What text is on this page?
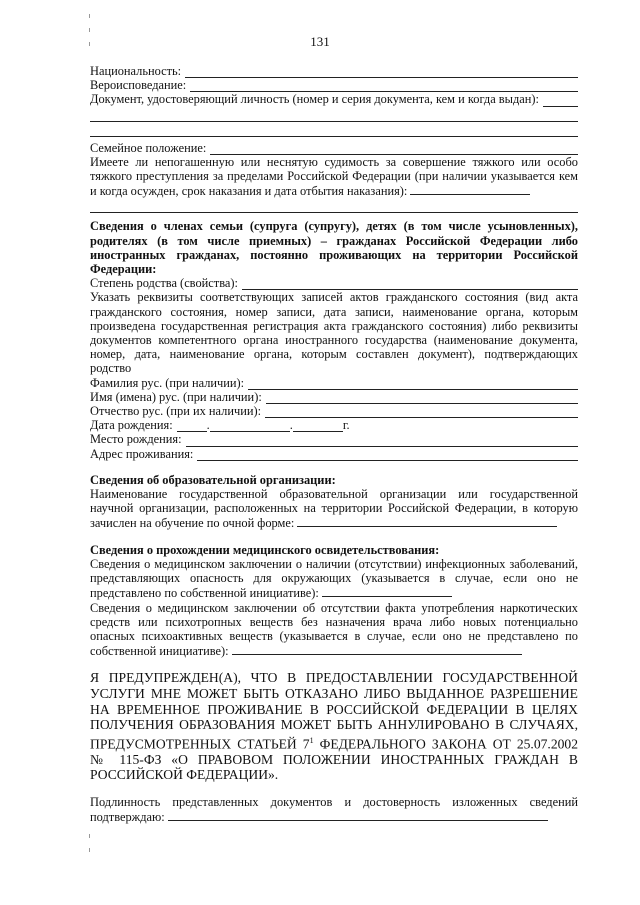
131
Национальность:
Вероисповедание:
Документ, удостоверяющий личность (номер и серия документа, кем и когда выдан):
Семейное положение:
Имеете ли непогашенную или неснятую судимость за совершение тяжкого или особо тяжкого преступления за пределами Российской Федерации (при наличии указывается кем и когда осужден, срок наказания и дата отбытия наказания):
Сведения о членах семьи (супруга (супругу), детях (в том числе усыновленных), родителях (в том числе приемных) – гражданах Российской Федерации либо иностранных гражданах, постоянно проживающих на территории Российской Федерации:
Степень родства (свойства):
Указать реквизиты соответствующих записей актов гражданского состояния (вид акта гражданского состояния, номер записи, дата записи, наименование органа, которым произведена государственная регистрация акта гражданского состояния) либо реквизиты документов компетентного органа иностранного государства (наименование документа, номер, дата, наименование органа, которым составлен документ), подтверждающих родство
Фамилия рус. (при наличии):
Имя (имена) рус. (при наличии):
Отчество рус. (при их наличии):
Дата рождения:	.	.	г.
Место рождения:
Адрес проживания:
Сведения об образовательной организации:
Наименование государственной образовательной организации или государственной научной организации, расположенных на территории Российской Федерации, в которую зачислен на обучение по очной форме:
Сведения о прохождении медицинского освидетельствования:
Сведения о медицинском заключении о наличии (отсутствии) инфекционных заболеваний, представляющих опасность для окружающих (указывается в случае, если оно не представлено по собственной инициативе):
Сведения о медицинском заключении об отсутствии факта употребления наркотических средств или психотропных веществ без назначения врача либо новых потенциально опасных психоактивных веществ (указывается в случае, если оно не представлено по собственной инициативе):
Я ПРЕДУПРЕЖДЕН(А), ЧТО В ПРЕДОСТАВЛЕНИИ ГОСУДАРСТВЕННОЙ УСЛУГИ МНЕ МОЖЕТ БЫТЬ ОТКАЗАНО ЛИБО ВЫДАННОЕ РАЗРЕШЕНИЕ НА ВРЕМЕННОЕ ПРОЖИВАНИЕ В РОССИЙСКОЙ ФЕДЕРАЦИИ В ЦЕЛЯХ ПОЛУЧЕНИЯ ОБРАЗОВАНИЯ МОЖЕТ БЫТЬ АННУЛИРОВАНО В СЛУЧАЯХ, ПРЕДУСМОТРЕННЫХ СТАТЬЕЙ $7^1$ ФЕДЕРАЛЬНОГО ЗАКОНА ОТ 25.07.2002 № 115-ФЗ «О ПРАВОВОМ ПОЛОЖЕНИИ ИНОСТРАННЫХ ГРАЖДАН В РОССИЙСКОЙ ФЕДЕРАЦИИ».
Подлинность представленных документов и достоверность изложенных сведений подтверждаю:
